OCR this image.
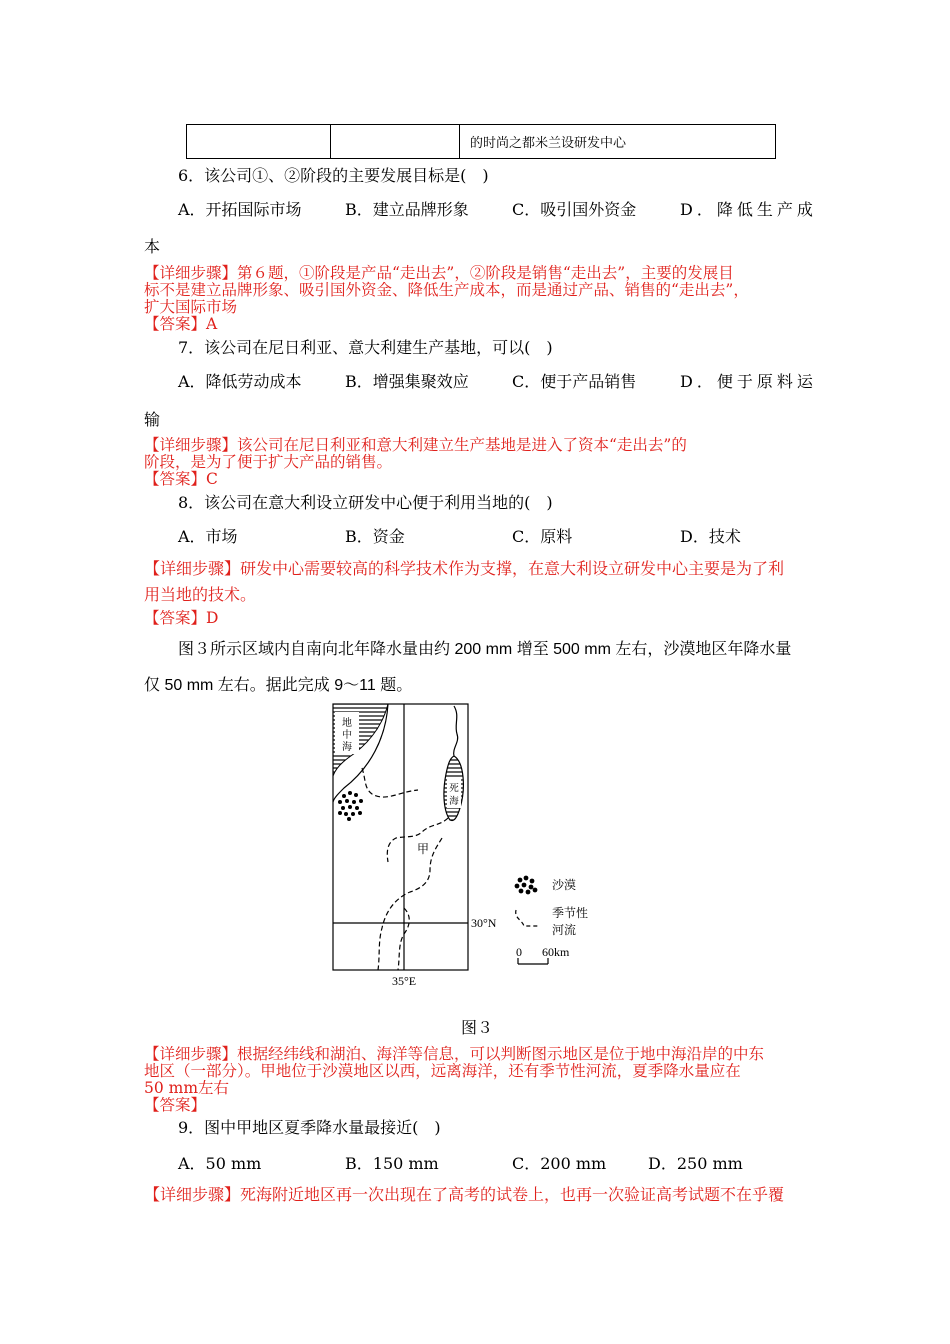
		的时尚之都米兰设研发中心
6．该公司①、②阶段的主要发展目标是(　)
A．开拓国际市场	B．建立品牌形象	C．吸引国外资金	D．降低生产成
本
【详细步骤】第６题，①阶段是产品“走出去”，②阶段是销售“走出去”，主要的发展目
标不是建立品牌形象、吸引国外资金、降低生产成本，而是通过产品、销售的“走出去”，
扩大国际市场
【答案】A
7．该公司在尼日利亚、意大利建生产基地，可以(　)
A．降低劳动成本	B．增强集聚效应	C．便于产品销售	D．便于原料运
输
【详细步骤】该公司在尼日利亚和意大利建立生产基地是进入了资本“走出去”的
阶段，是为了便于扩大产品的销售。
【答案】C
8．该公司在意大利设立研发中心便于利用当地的(　)
A．市场	B．资金	C．原料	D．技术
【详细步骤】研发中心需要较高的科学技术作为支撑，在意大利设立研发中心主要是为了利
用当地的技术。
【答案】D
图３所示区域内自南向北年降水量由约 200 mm 增至 500 mm 左右，沙漠地区年降水量
仅 50 mm 左右。据此完成 9～11 题。
地
中
海
死
海
甲
30°N
35°E
沙漠
季节性
河流
0 60km
图３
【详细步骤】根据经纬线和湖泊、海洋等信息，可以判断图示地区是位于地中海沿岸的中东
地区（一部分）。甲地位于沙漠地区以西，远离海洋，还有季节性河流，夏季降水量应在
50 mm左右
【答案】
9．图中甲地区夏季降水量最接近(　)
A．50 mm	B．150 mm	C．200 mm	D．250 mm
【详细步骤】死海附近地区再一次出现在了高考的试卷上，也再一次验证高考试题不在乎覆
